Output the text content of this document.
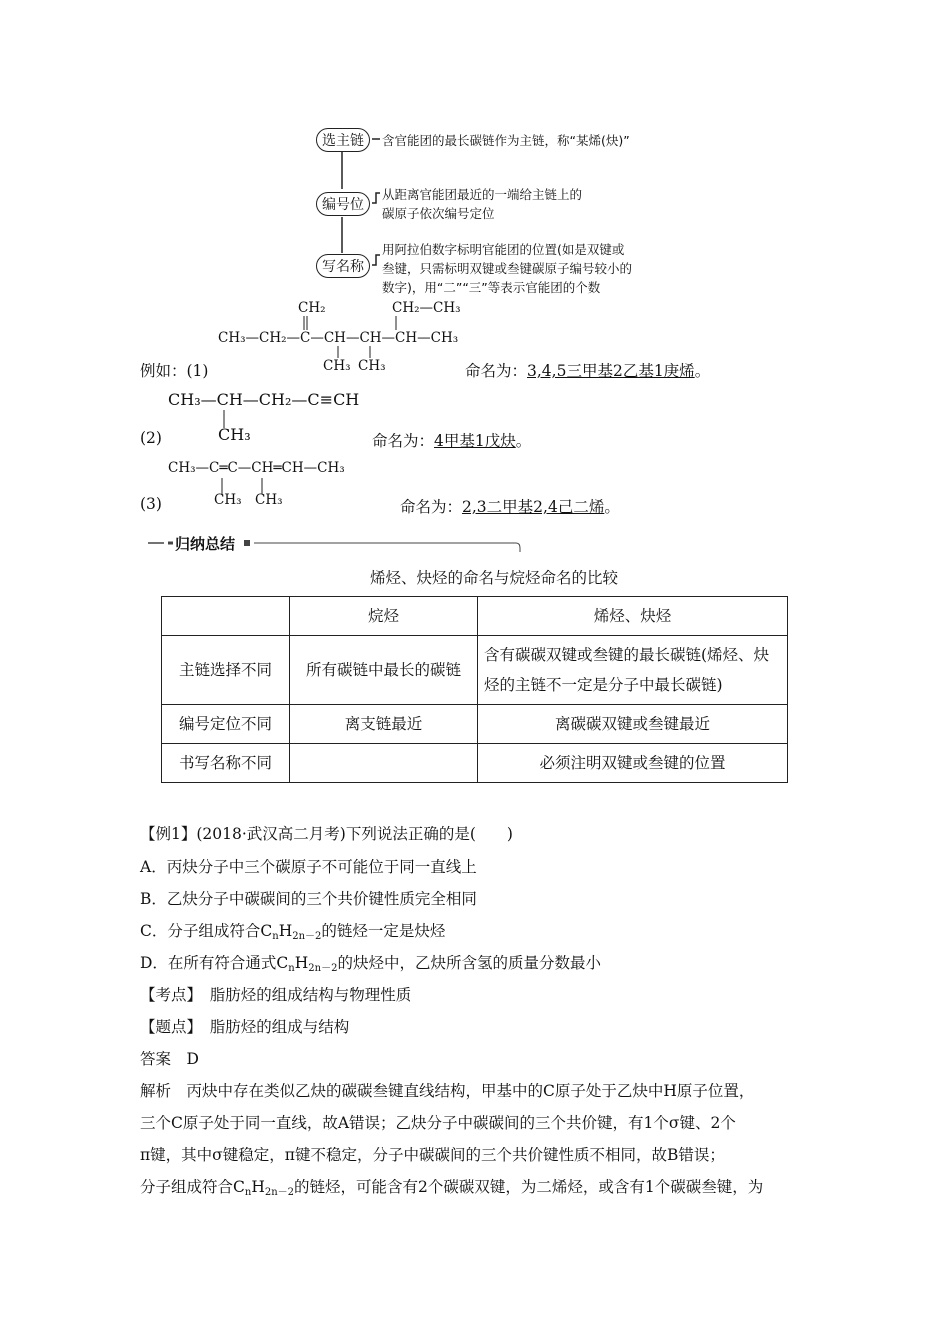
选主链	含官能团的最长碳链作为主链，称“某烯(炔)”
编号位
从距离官能团最近的一端给主链上的
碳原子依次编号定位
写名称
用阿拉伯数字标明官能团的位置(如是双键或
叁键，只需标明双键或叁键碳原子编号较小的
数字)，用“二”“三”等表示官能团的个数
CH₂	CH₂—CH₃
CH₃—CH₂—C—CH—CH—CH—CH₃
CH₃ CH₃
例如：(1)	命名为：3,4,5三甲基2乙基1庚烯。
CH₃—CH—CH₂—C≡CH
CH₃
(2)	命名为：4甲基1戊炔。
CH₃—C═C—CH═CH—CH₃
CH₃ CH₃
(3)	命名为：2,3二甲基2,4己二烯。
归纳总结
烯烃、炔烃的命名与烷烃命名的比较
	烷烃	烯烃、炔烃
主链选择不同	所有碳链中最长的碳链	含有碳碳双键或叁键的最长碳链(烯烃、炔烃的主链不一定是分子中最长碳链)
编号定位不同	离支链最近	离碳碳双键或叁键最近
书写名称不同		必须注明双键或叁键的位置
【例1】(2018·武汉高二月考)下列说法正确的是(　　)
A．丙炔分子中三个碳原子不可能位于同一直线上
B．乙炔分子中碳碳间的三个共价键性质完全相同
C．分子组成符合$C_nH_{2n-2}$的链烃一定是炔烃
D．在所有符合通式$C_nH_{2n-2}$的炔烃中，乙炔所含氢的质量分数最小
【考点】　 脂肪烃的组成结构与物理性质
【题点】　 脂肪烃的组成与结构
答案　D
解析　丙炔中存在类似乙炔的碳碳叁键直线结构，甲基中的C原子处于乙炔中H原子位置，
三个C原子处于同一直线，故A错误；乙炔分子中碳碳间的三个共价键，有1个σ键、2个
π键，其中σ键稳定，π键不稳定，分子中碳碳间的三个共价键性质不相同，故B错误；
分子组成符合$C_nH_{2n-2}$的链烃，可能含有2个碳碳双键，为二烯烃，或含有1个碳碳叁键，为
